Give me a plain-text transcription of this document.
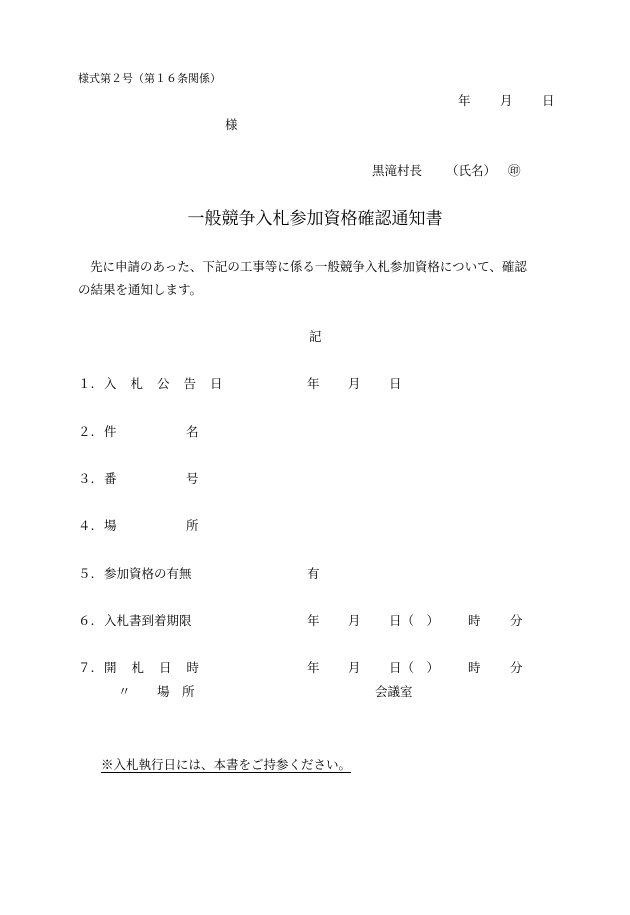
様式第２号（第１６条関係）
年 月 日
様
黒滝村長 （氏名） ㊞
一般競争入札参加資格確認通知書
先に申請のあった、下記の工事等に係る一般競争入札参加資格について、確認
の結果を通知します。
記
１. 入札公告日	年 月 日
２. 件	名
３. 番	号
４. 場	所
５. 参加資格の有無	有
６. 入札書到着期限	年 月 日（　） 時 分
７. 開札日時	年 月 日（　） 時 分
〃 場　所	会議室
※入札執行日には、本書をご持参ください。
